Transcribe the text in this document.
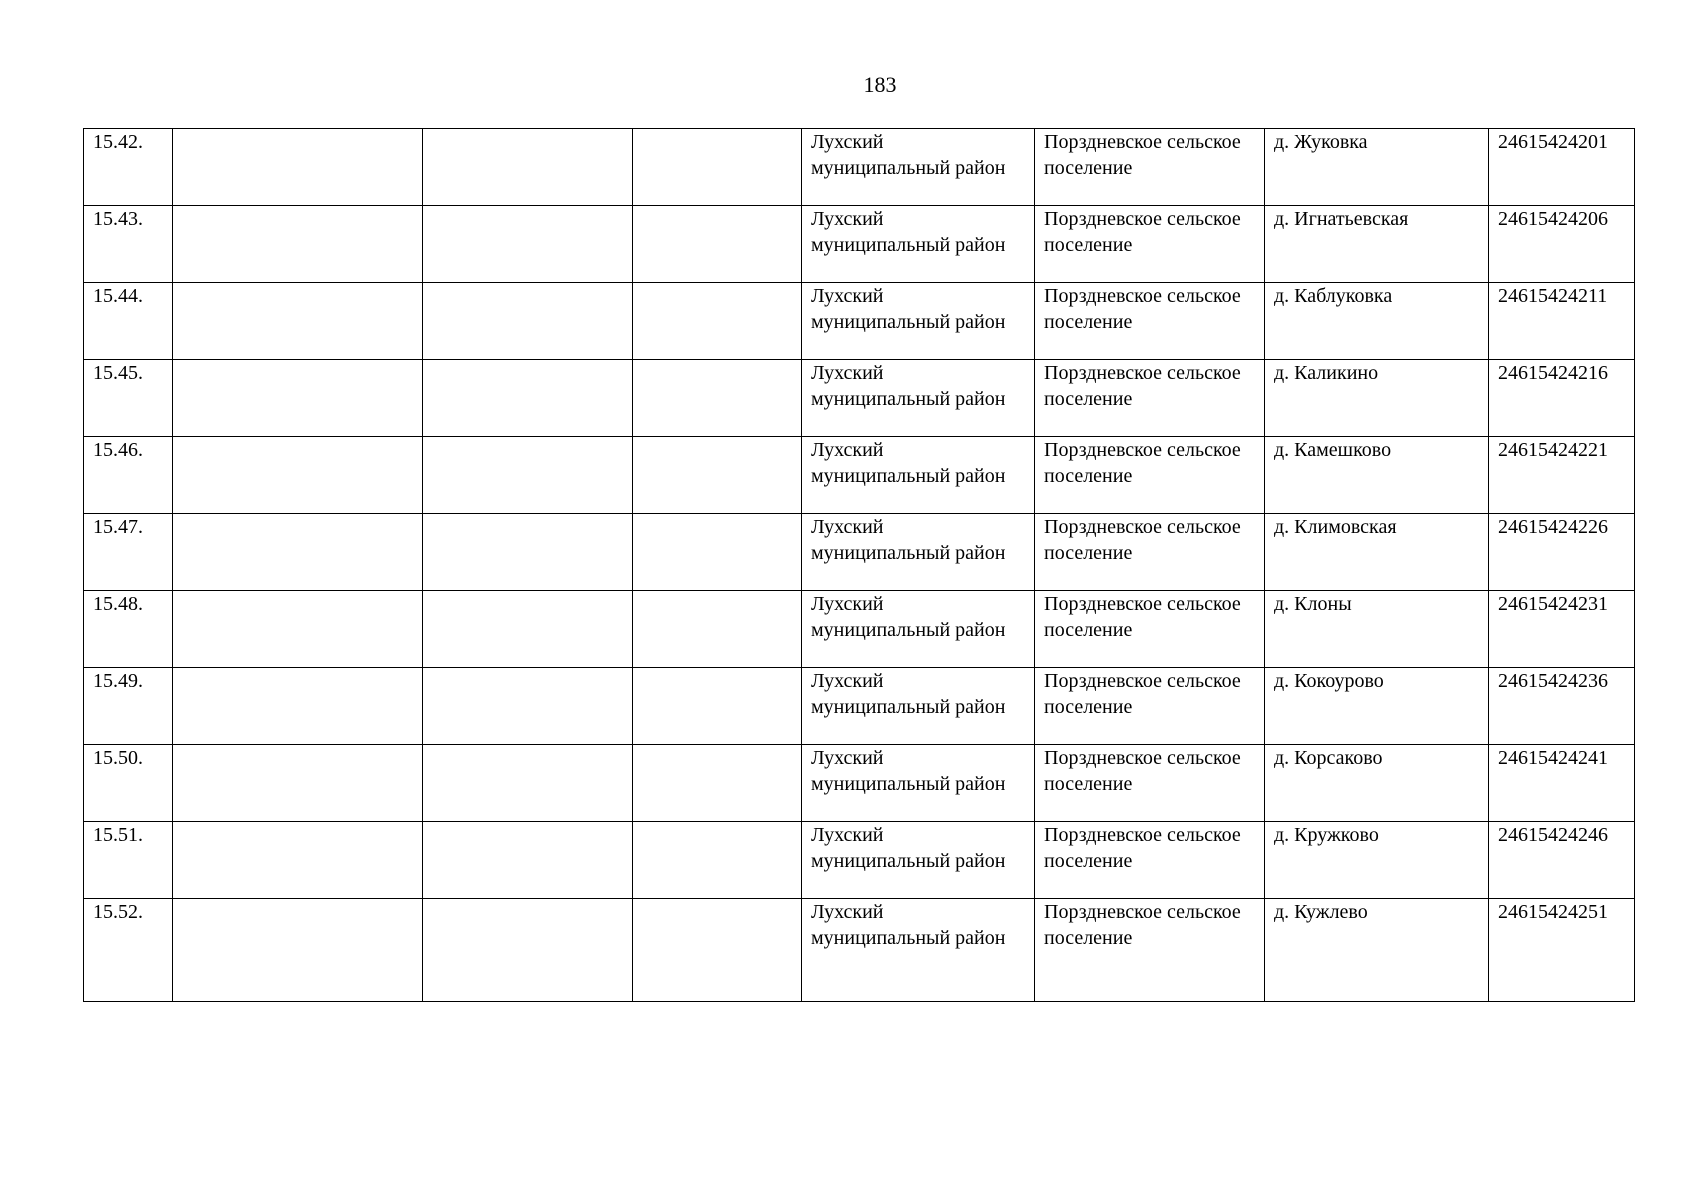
183
15.42.				Лухский муниципальный район	Порздневское сельское поселение	д. Жуковка	24615424201
15.43.				Лухский муниципальный район	Порздневское сельское поселение	д. Игнатьевская	24615424206
15.44.				Лухский муниципальный район	Порздневское сельское поселение	д. Каблуковка	24615424211
15.45.				Лухский муниципальный район	Порздневское сельское поселение	д. Каликино	24615424216
15.46.				Лухский муниципальный район	Порздневское сельское поселение	д. Камешково	24615424221
15.47.				Лухский муниципальный район	Порздневское сельское поселение	д. Климовская	24615424226
15.48.				Лухский муниципальный район	Порздневское сельское поселение	д. Клоны	24615424231
15.49.				Лухский муниципальный район	Порздневское сельское поселение	д. Кокоурово	24615424236
15.50.				Лухский муниципальный район	Порздневское сельское поселение	д. Корсаково	24615424241
15.51.				Лухский муниципальный район	Порздневское сельское поселение	д. Кружково	24615424246
15.52.				Лухский муниципальный район	Порздневское сельское поселение	д. Кужлево	24615424251
